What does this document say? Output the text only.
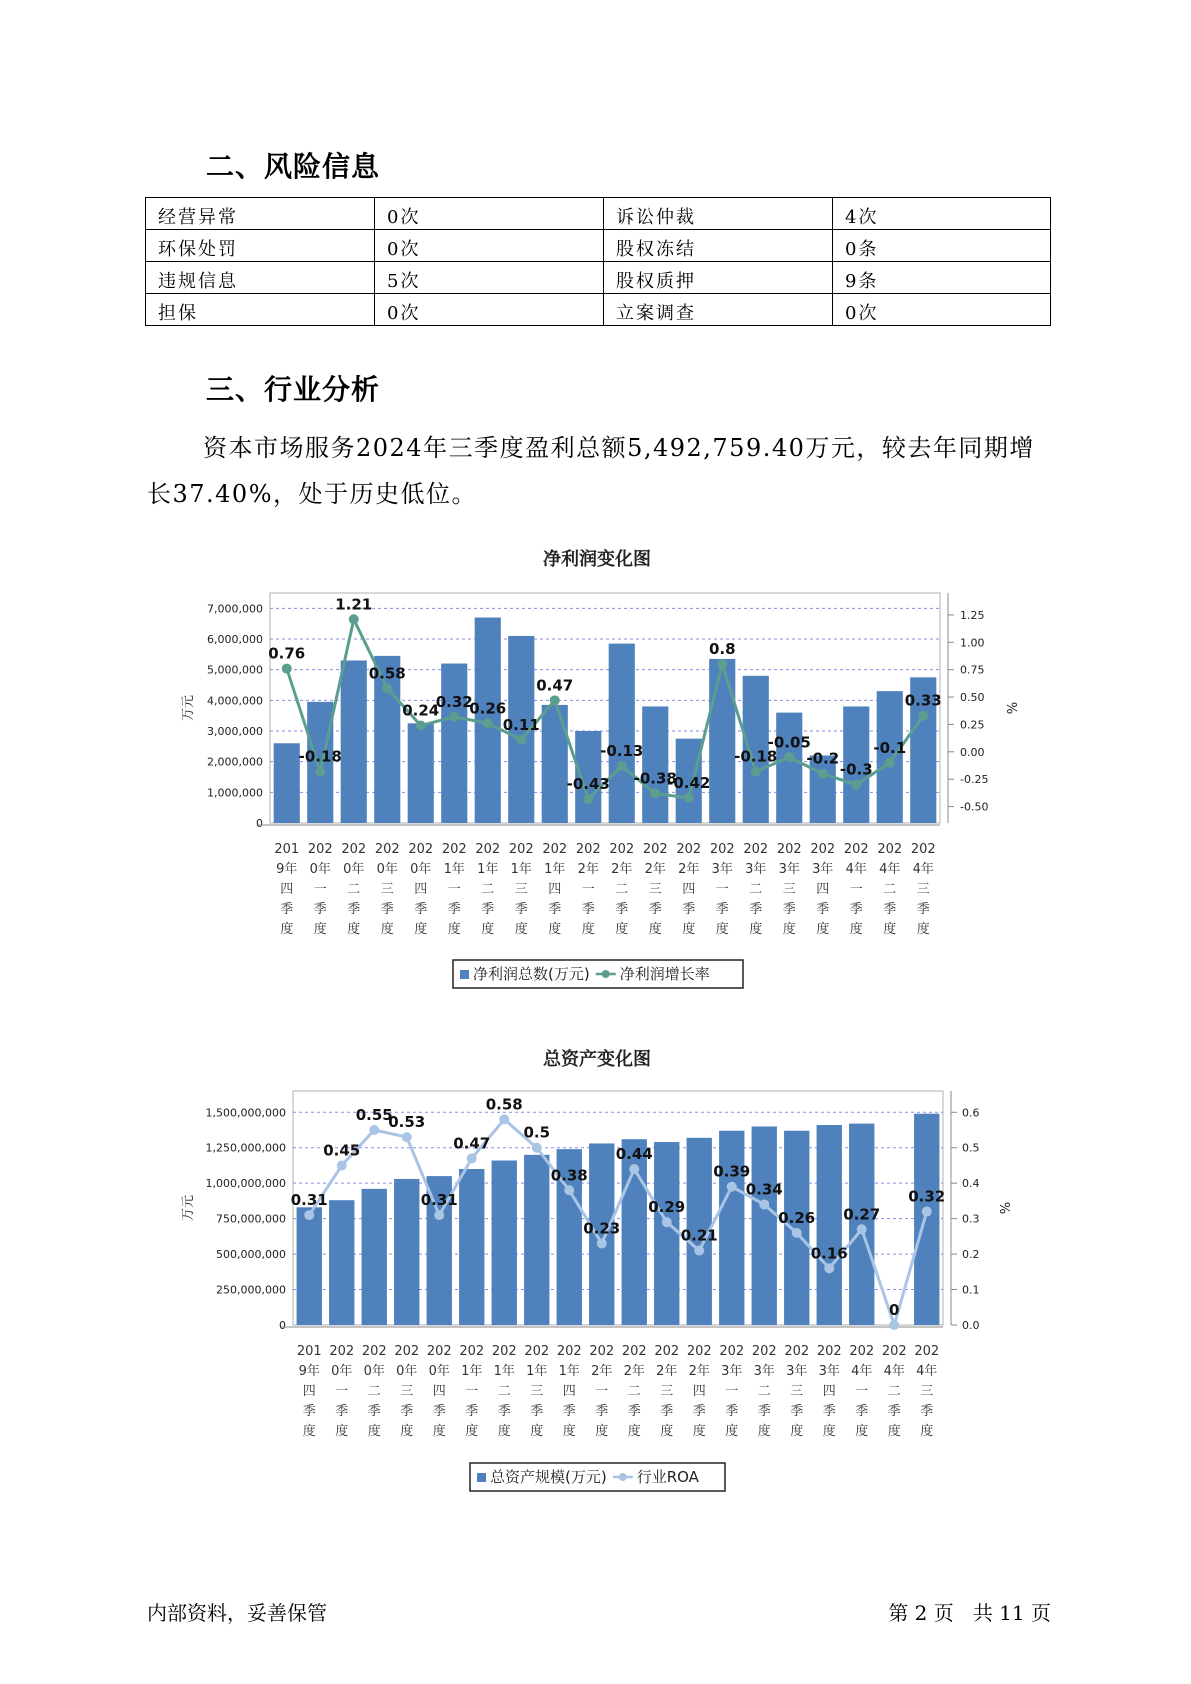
二、风险信息
经营异常	0次	诉讼仲裁	4次
环保处罚	0次	股权冻结	0条
违规信息	5次	股权质押	9条
担保	0次	立案调查	0次
三、行业分析
资本市场服务2024年三季度盈利总额5,492,759.40万元，较去年同期增长37.40%，处于历史低位。
净利润变化图
0
1,000,000
2,000,000
3,000,000
4,000,000
5,000,000
6,000,000
7,000,000
-0.50
-0.25
0.00
0.25
0.50
0.75
1.00
1.25
万元	%
0.76
-0.18
1.21
0.58
0.24
0.32
0.26
0.11
0.47
-0.43
-0.13
-0.38
-0.42
0.8
-0.18
-0.05
-0.2
-0.3
-0.1
0.33
201 9年四季度
202 0年一季度
202 0年二季度
202 0年三季度
202 0年四季度
202 1年一季度
202 1年二季度
202 1年三季度
202 1年四季度
202 2年一季度
202 2年二季度
202 2年三季度
202 2年四季度
202 3年一季度
202 3年二季度
202 3年三季度
202 3年四季度
202 4年一季度
202 4年二季度
202 4年三季度
净利润总数(万元) 净利润增长率
总资产变化图
0
250,000,000
500,000,000
750,000,000
1,000,000,000
1,250,000,000
1,500,000,000
0.0
0.1
0.2
0.3
0.4
0.5
0.6
万元	%
0.31
0.45
0.55
0.53
0.31
0.47
0.58
0.5
0.38
0.23
0.44
0.29
0.21
0.39
0.34
0.26
0.16
0.27
0
0.32
201 9年四季度
202 0年一季度
202 0年二季度
202 0年三季度
202 0年四季度
202 1年一季度
202 1年二季度
202 1年三季度
202 1年四季度
202 2年一季度
202 2年二季度
202 2年三季度
202 2年四季度
202 3年一季度
202 3年二季度
202 3年三季度
202 3年四季度
202 4年一季度
202 4年二季度
202 4年三季度
总资产规模(万元) 行业ROA
内部资料，妥善保管	第 2 页   共 11 页
